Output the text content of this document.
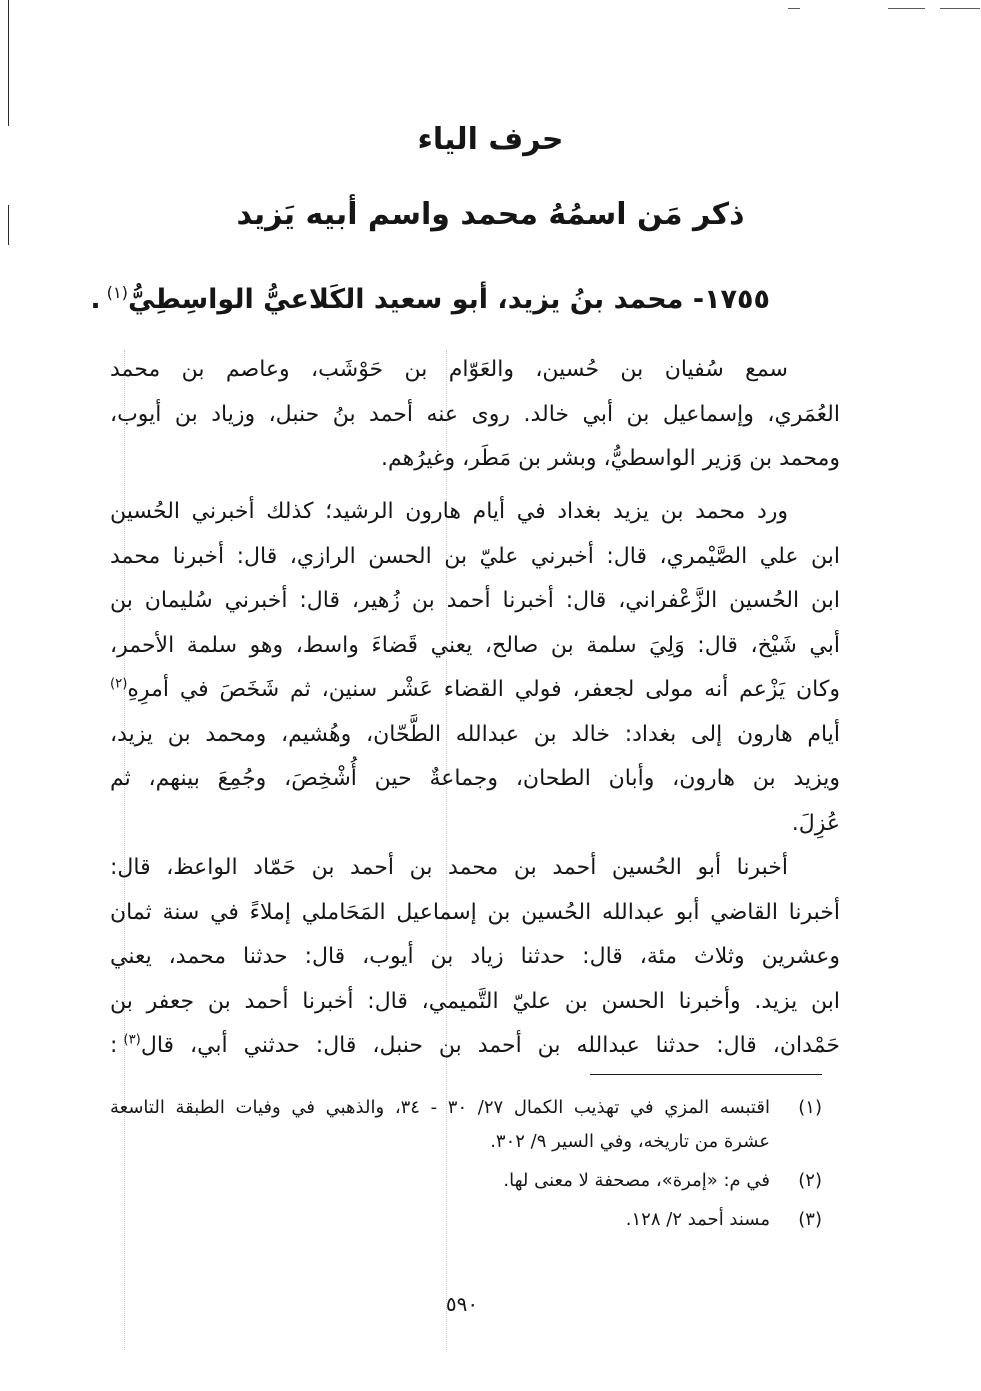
حرف الياء
ذكر مَن اسمُهُ محمد واسم أبيه يَزيد
١٧٥٥- محمد بنُ يزيد، أبو سعيد الكَلاعيُّ الواسِطِيُّ$^{(١)}$.
سمع سُفيان بن حُسين، والعَوّام بن حَوْشَب، وعاصم بن محمد
العُمَري، وإسماعيل بن أبي خالد. روى عنه أحمد بنُ حنبل، وزياد بن أيوب،
ومحمد بن وَزير الواسطيُّ، وبشر بن مَطَر، وغيرُهم.
ورد محمد بن يزيد بغداد في أيام هارون الرشيد؛ كذلك أخبرني الحُسين
ابن علي الصَّيْمري، قال: أخبرني عليّ بن الحسن الرازي، قال: أخبرنا محمد
ابن الحُسين الزَّعْفراني، قال: أخبرنا أحمد بن زُهير، قال: أخبرني سُليمان بن
أبي شَيْخ، قال: وَلِيَ سلمة بن صالح، يعني قَضاءَ واسط، وهو سلمة الأحمر،
وكان يَزْعم أنه مولى لجعفر، فولي القضاء عَشْر سنين، ثم شَخَصَ في أمرِهِ$^{(٢)}$
أيام هارون إلى بغداد: خالد بن عبدالله الطَّحّان، وهُشيم، ومحمد بن يزيد،
ويزيد بن هارون، وأبان الطحان، وجماعةٌ حين أُشْخِصَ، وجُمِعَ بينهم، ثم
عُزِلَ.
أخبرنا أبو الحُسين أحمد بن محمد بن أحمد بن حَمّاد الواعظ، قال:
أخبرنا القاضي أبو عبدالله الحُسين بن إسماعيل المَحَاملي إملاءً في سنة ثمان
وعشرين وثلاث مئة، قال: حدثنا زياد بن أيوب، قال: حدثنا محمد، يعني
ابن يزيد. وأخبرنا الحسن بن عليّ التَّميمي، قال: أخبرنا أحمد بن جعفر بن
حَمْدان، قال: حدثنا عبدالله بن أحمد بن حنبل، قال: حدثني أبي، قال$^{(٣)}$:
(١)
اقتبسه المزي في تهذيب الكمال ٢٧/ ٣٠ - ٣٤، والذهبي في وفيات الطبقة التاسعة
عشرة من تاريخه، وفي السير ٩/ ٣٠٢.
(٢)
في م: «إمرة»، مصحفة لا معنى لها.
(٣)
مسند أحمد ٢/ ١٢٨.
٥٩٠
